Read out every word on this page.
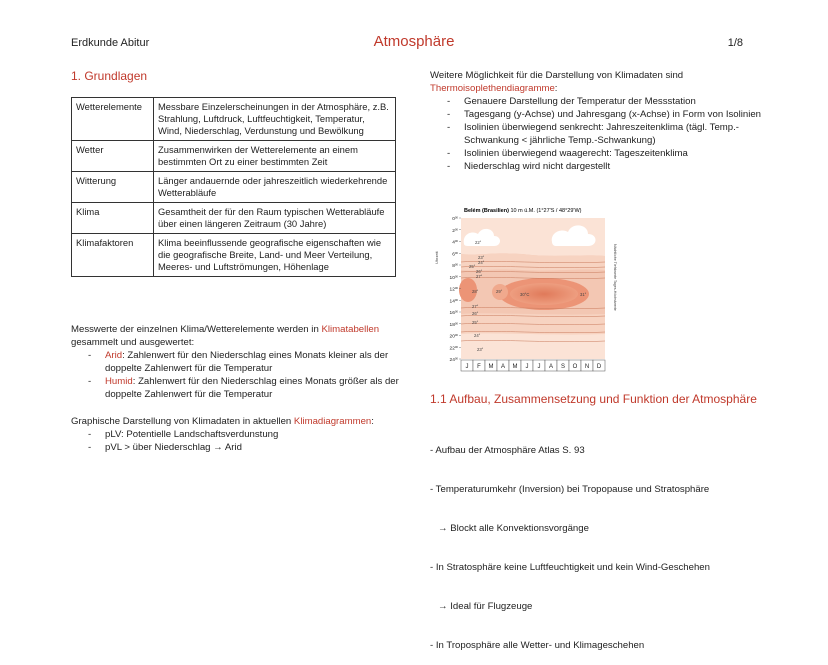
Erdkunde Abitur	Atmosphäre	1/8
1. Grundlagen
Wetterelemente	Messbare Einzelerscheinungen in der Atmosphäre, z.B. Strahlung, Luftdruck, Luftfeuchtigkeit, Temperatur, Wind, Niederschlag, Verdunstung und Bewölkung
Wetter	Zusammenwirken der Wetterelemente an einem bestimmten Ort zu einer bestimmten Zeit
Witterung	Länger andauernde oder jahreszeitlich wiederkehrende Wetterabläufe
Klima	Gesamtheit der für den Raum typischen Wetterabläufe über einen längeren Zeitraum (30 Jahre)
Klimafaktoren	Klima beeinflussende geografische eigenschaften wie die geografische Breite, Land- und Meer Verteilung, Meeres- und Luftströmungen, Höhenlage
Messwerte der einzelnen Klima/Wetterelemente werden in Klimatabellen gesammelt und ausgewertet:
- Arid: Zahlenwert für den Niederschlag eines Monats kleiner als der doppelte Zahlenwert für die Temperatur
- Humid: Zahlenwert für den Niederschlag eines Monats größer als der doppelte Zahlenwert für die Temperatur
Graphische Darstellung von Klimadaten in aktuellen Klimadiagrammen:
- pLV: Potentielle Landschaftsverdunstung
- pVL > über Niederschlag → Arid
Weitere Möglichkeit für die Darstellung von Klimadaten sind
Thermoisoplethendiagramme:
- Genauere Darstellung der Temperatur der Messstation
- Tagesgang (y-Achse) und Jahresgang (x-Achse) in Form von Isolinien
- Isolinien überwiegend senkrecht: Jahreszeitenklima (tägl. Temp.-Schwankung < jährliche Temp.-Schwankung)
- Isolinien überwiegend waagerecht: Tageszeitenklima
- Niederschlag wird nicht dargestellt
Belém (Brasilien) 10 m ü.M. (1°27'S / 48°29'W)
22°
23°
24°
25°
26°
27°
28°	29°
30°C	31°
27°
26°
25°
24°
23°
$0^{00}$
$2^{00}$
$4^{00}$
$6^{00}$
$8^{00}$
$10^{00}$
$12^{00}$
$14^{00}$
$16^{00}$
$18^{00}$
$20^{00}$
$22^{00}$
$24^{00}$
Uhrzeit	Nächtliche Tiefstwerte
Tages-Höchstwerte
J F M A M J J A S O N D
1.1 Aufbau, Zusammensetzung und Funktion der Atmosphäre

- Aufbau der Atmosphäre Atlas S. 93

- Temperaturumkehr (Inversion) bei Tropopause und Stratosphäre

→ Blockt alle Konvektionsvorgänge

- In Stratosphäre keine Luftfeuchtigkeit und kein Wind-Geschehen

→ Ideal für Flugzeuge

- In Troposphäre alle Wetter- und Klimageschehen
